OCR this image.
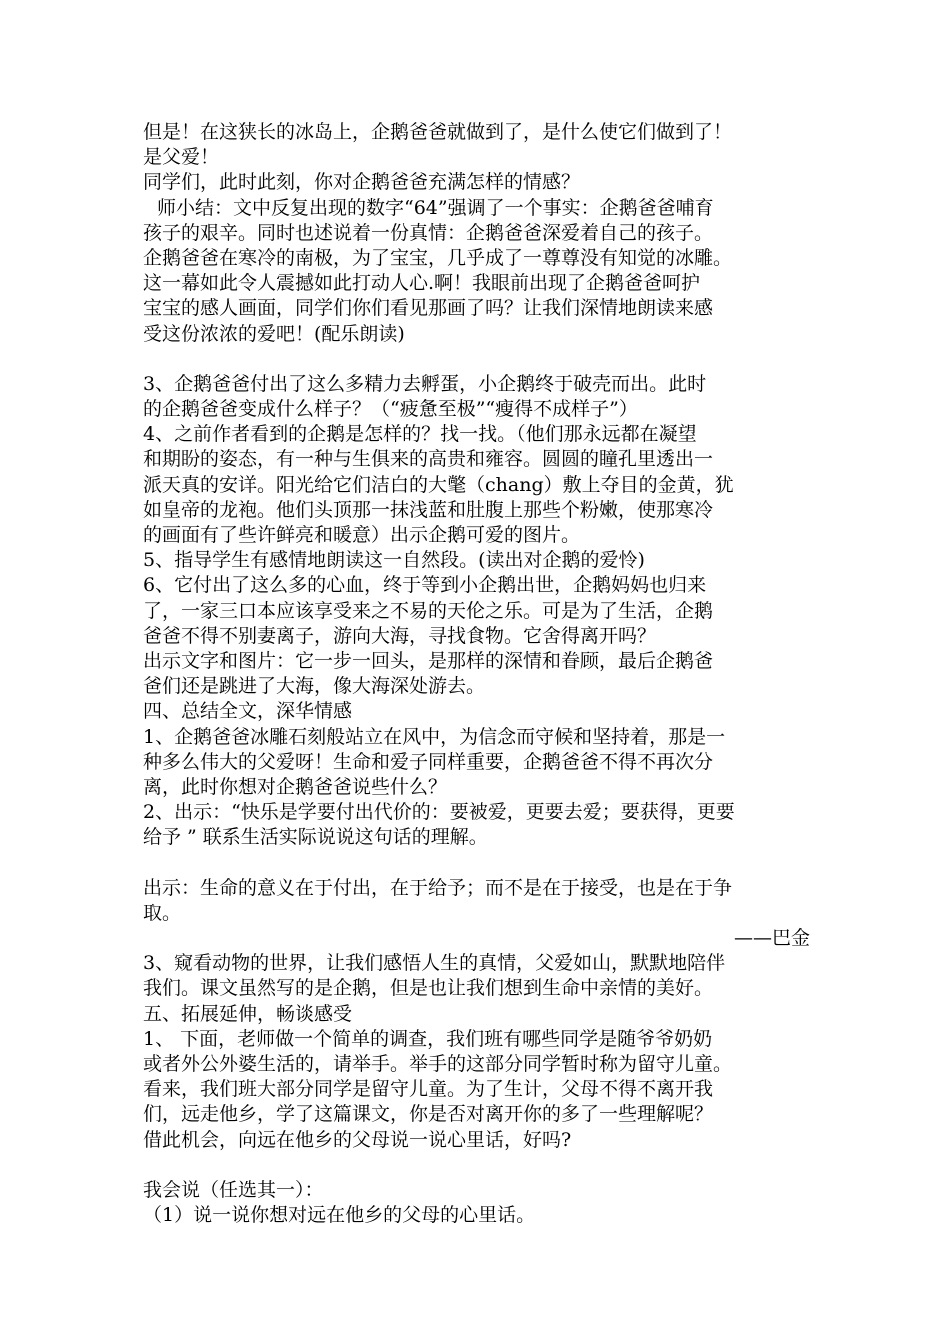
但是！在这狭长的冰岛上，企鹅爸爸就做到了，是什么使它们做到了！
是父爱！
同学们，此时此刻，你对企鹅爸爸充满怎样的情感？
师小结：文中反复出现的数字“64”强调了一个事实：企鹅爸爸哺育
孩子的艰辛。同时也述说着一份真情：企鹅爸爸深爱着自己的孩子。
企鹅爸爸在寒冷的南极，为了宝宝，几乎成了一尊尊没有知觉的冰雕。
这一幕如此令人震撼如此打动人心.啊！我眼前出现了企鹅爸爸呵护
宝宝的感人画面，同学们你们看见那画了吗？让我们深情地朗读来感
受这份浓浓的爱吧！(配乐朗读)
3、企鹅爸爸付出了这么多精力去孵蛋，小企鹅终于破壳而出。此时
的企鹅爸爸变成什么样子？（“疲惫至极”“瘦得不成样子”）
4、之前作者看到的企鹅是怎样的？找一找。（他们那永远都在凝望
和期盼的姿态，有一种与生俱来的高贵和雍容。圆圆的瞳孔里透出一
派天真的安详。阳光给它们洁白的大氅（chang）敷上夺目的金黄，犹
如皇帝的龙袍。他们头顶那一抹浅蓝和肚腹上那些个粉嫩，使那寒冷
的画面有了些许鲜亮和暖意）出示企鹅可爱的图片。
5、指导学生有感情地朗读这一自然段。(读出对企鹅的爱怜)
6、它付出了这么多的心血，终于等到小企鹅出世，企鹅妈妈也归来
了，一家三口本应该享受来之不易的天伦之乐。可是为了生活，企鹅
爸爸不得不别妻离子，游向大海，寻找食物。它舍得离开吗？
出示文字和图片：它一步一回头，是那样的深情和眷顾，最后企鹅爸
爸们还是跳进了大海，像大海深处游去。
四、总结全文，深华情感
1、企鹅爸爸冰雕石刻般站立在风中，为信念而守候和坚持着，那是一
种多么伟大的父爱呀！生命和爱子同样重要，企鹅爸爸不得不再次分
离，此时你想对企鹅爸爸说些什么？
2、出示：“快乐是学要付出代价的：要被爱，更要去爱；要获得，更要
给予 ” 联系生活实际说说这句话的理解。
出示：生命的意义在于付出，在于给予；而不是在于接受，也是在于争
取。
——巴金
3、窥看动物的世界，让我们感悟人生的真情，父爱如山，默默地陪伴
我们。课文虽然写的是企鹅，但是也让我们想到生命中亲情的美好。
五、拓展延伸，畅谈感受
1、 下面，老师做一个简单的调查，我们班有哪些同学是随爷爷奶奶
或者外公外婆生活的，请举手。举手的这部分同学暂时称为留守儿童。
看来，我们班大部分同学是留守儿童。为了生计，父母不得不离开我
们，远走他乡，学了这篇课文，你是否对离开你的多了一些理解呢？
借此机会，向远在他乡的父母说一说心里话，好吗?
我会说（任选其一）：
（1）说一说你想对远在他乡的父母的心里话。
